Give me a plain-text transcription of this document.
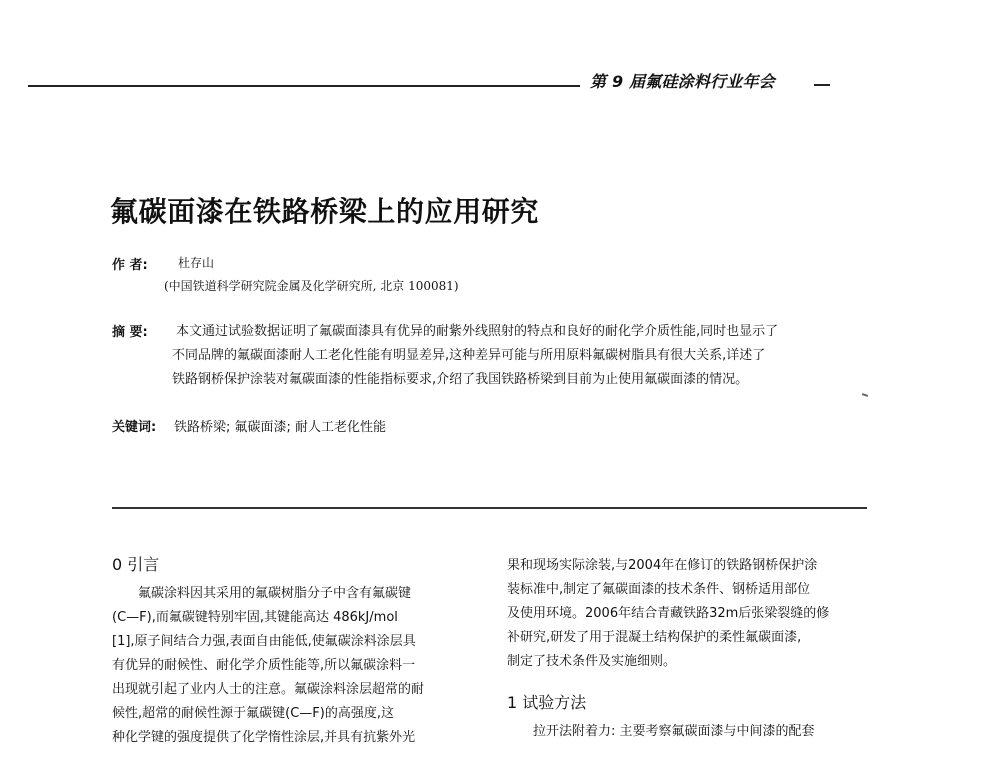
第 9 届氟硅涂料行业年会
氟碳面漆在铁路桥梁上的应用研究
作 者:	杜存山
(中国铁道科学研究院金属及化学研究所, 北京 100081)
摘 要: 本文通过试验数据证明了氟碳面漆具有优异的耐紫外线照射的特点和良好的耐化学介质性能,同时也显示了
不同品牌的氟碳面漆耐人工老化性能有明显差异,这种差异可能与所用原料氟碳树脂具有很大关系,详述了
铁路钢桥保护涂装对氟碳面漆的性能指标要求,介绍了我国铁路桥梁到目前为止使用氟碳面漆的情况。
关键词: 铁路桥梁; 氟碳面漆; 耐人工老化性能
0 引言
氟碳涂料因其采用的氟碳树脂分子中含有氟碳键
(C—F),而氟碳键特别牢固,其键能高达 486kJ/mol
[1],原子间结合力强,表面自由能低,使氟碳涂料涂层具
有优异的耐候性、耐化学介质性能等,所以氟碳涂料一
出现就引起了业内人士的注意。氟碳涂料涂层超常的耐
候性,超常的耐候性源于氟碳键(C—F)的高强度,这
种化学键的强度提供了化学惰性涂层,并具有抗紫外光
果和现场实际涂装,与2004年在修订的铁路钢桥保护涂
装标准中,制定了氟碳面漆的技术条件、钢桥适用部位
及使用环境。2006年结合青藏铁路32m后张梁裂缝的修
补研究,研发了用于混凝土结构保护的柔性氟碳面漆,
制定了技术条件及实施细则。
1 试验方法
拉开法附着力: 主要考察氟碳面漆与中间漆的配套
